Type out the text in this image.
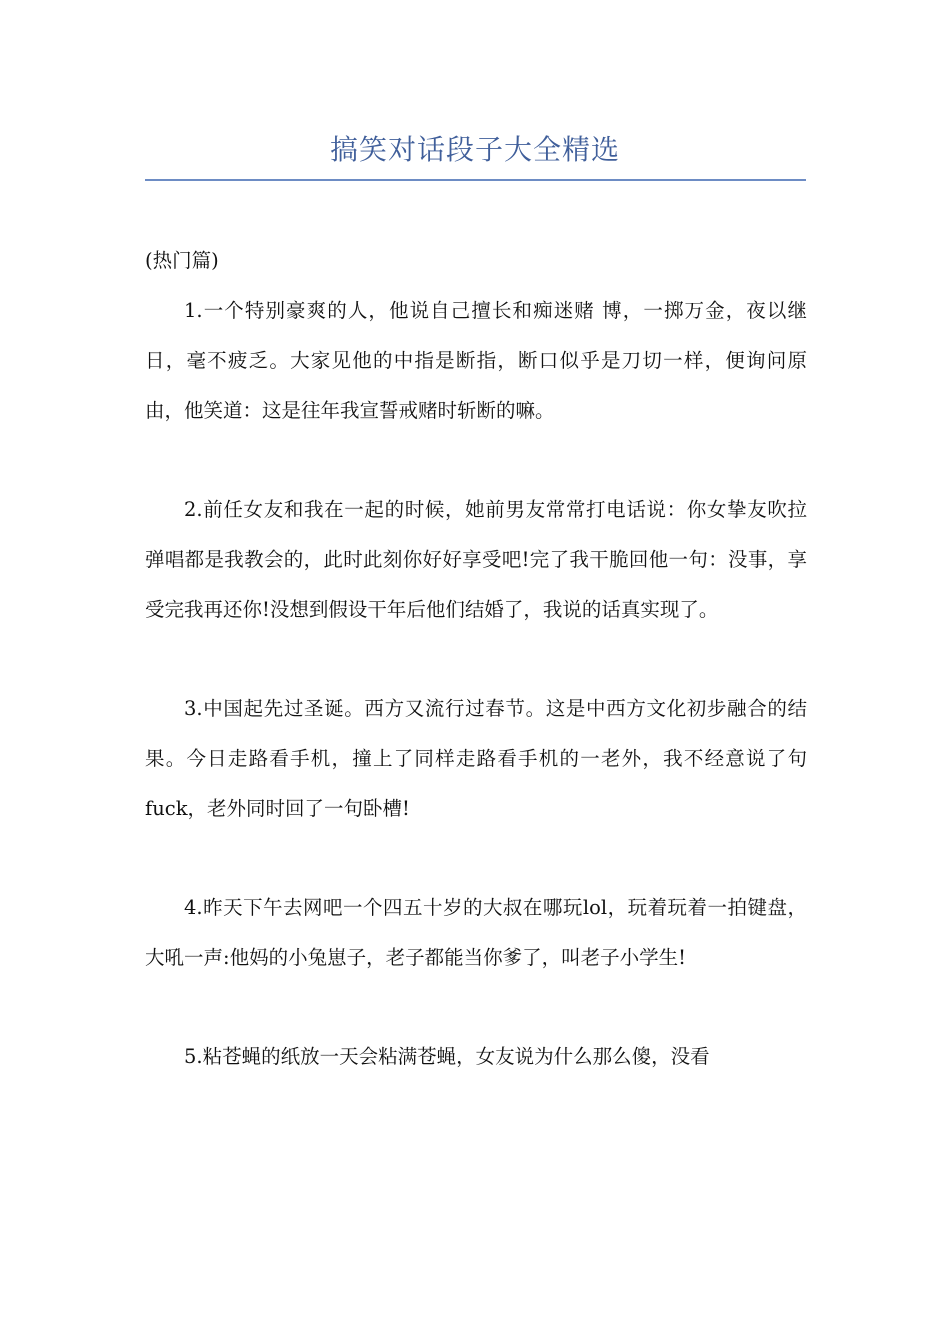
搞笑对话段子大全精选

(热门篇)

1.一个特别豪爽的人，他说自己擅长和痴迷赌 博，一掷万金，夜以继日，毫不疲乏。大家见他的中指是断指，断口似乎是刀切一样，便询问原由，他笑道：这是往年我宣誓戒赌时斩断的嘛。

2.前任女友和我在一起的时候，她前男友常常打电话说：你女挚友吹拉弹唱都是我教会的，此时此刻你好好享受吧!完了我干脆回他一句：没事，享受完我再还你!没想到假设干年后他们结婚了，我说的话真实现了。

3.中国起先过圣诞。西方又流行过春节。这是中西方文化初步融合的结果。今日走路看手机，撞上了同样走路看手机的一老外，我不经意说了句fuck，老外同时回了一句卧槽!

4.昨天下午去网吧一个四五十岁的大叔在哪玩lol，玩着玩着一拍键盘，大吼一声:他妈的小兔崽子，老子都能当你爹了，叫老子小学生!

5.粘苍蝇的纸放一天会粘满苍蝇，女友说为什么那么傻，没看
